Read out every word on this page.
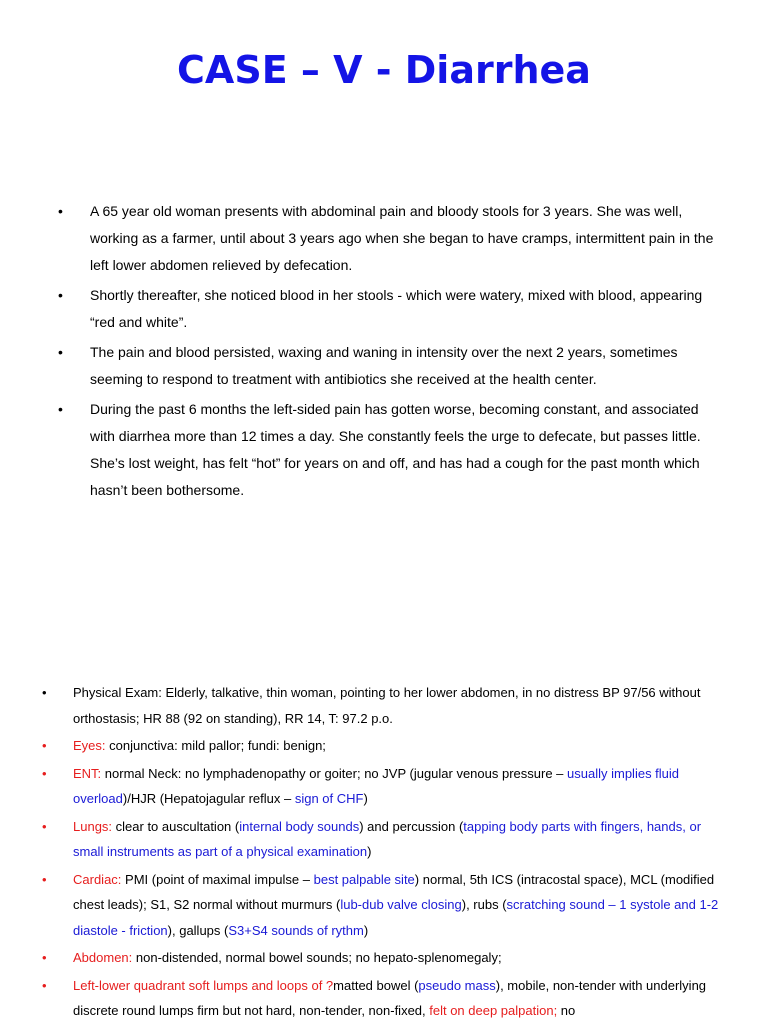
CASE – V - Diarrhea
• A 65 year old woman presents with abdominal pain and bloody stools for 3 years. She was well, working as a farmer, until about 3 years ago when she began to have cramps, intermittent pain in the left lower abdomen relieved by defecation.
• Shortly thereafter, she noticed blood in her stools - which were watery, mixed with blood, appearing “red and white”.
• The pain and blood persisted, waxing and waning in intensity over the next 2 years, sometimes seeming to respond to treatment with antibiotics she received at the health center.
• During the past 6 months the left-sided pain has gotten worse, becoming constant, and associated with diarrhea more than 12 times a day. She constantly feels the urge to defecate, but passes little. She’s lost weight, has felt “hot” for years on and off, and has had a cough for the past month which hasn’t been bothersome.
• Physical Exam: Elderly, talkative, thin woman, pointing to her lower abdomen, in no distress BP 97/56 without orthostasis; HR 88 (92 on standing), RR 14, T: 97.2 p.o.
• Eyes: conjunctiva: mild pallor; fundi: benign;
• ENT: normal Neck: no lymphadenopathy or goiter; no JVP (jugular venous pressure – usually implies fluid overload)/HJR (Hepatojagular reflux – sign of CHF)
• Lungs: clear to auscultation (internal body sounds) and percussion (tapping body parts with fingers, hands, or small instruments as part of a physical examination)
• Cardiac: PMI (point of maximal impulse – best palpable site) normal, 5th ICS (intracostal space), MCL (modified chest leads); S1, S2 normal without murmurs (lub-dub valve closing), rubs (scratching sound – 1 systole and 1-2 diastole - friction), gallups (S3+S4 sounds of rythm)
• Abdomen: non-distended, normal bowel sounds; no hepato-splenomegaly;
• Left-lower quadrant soft lumps and loops of ?matted bowel (pseudo mass), mobile, non-tender with underlying discrete round lumps firm but not hard, non-tender, non-fixed, felt on deep palpation; no
